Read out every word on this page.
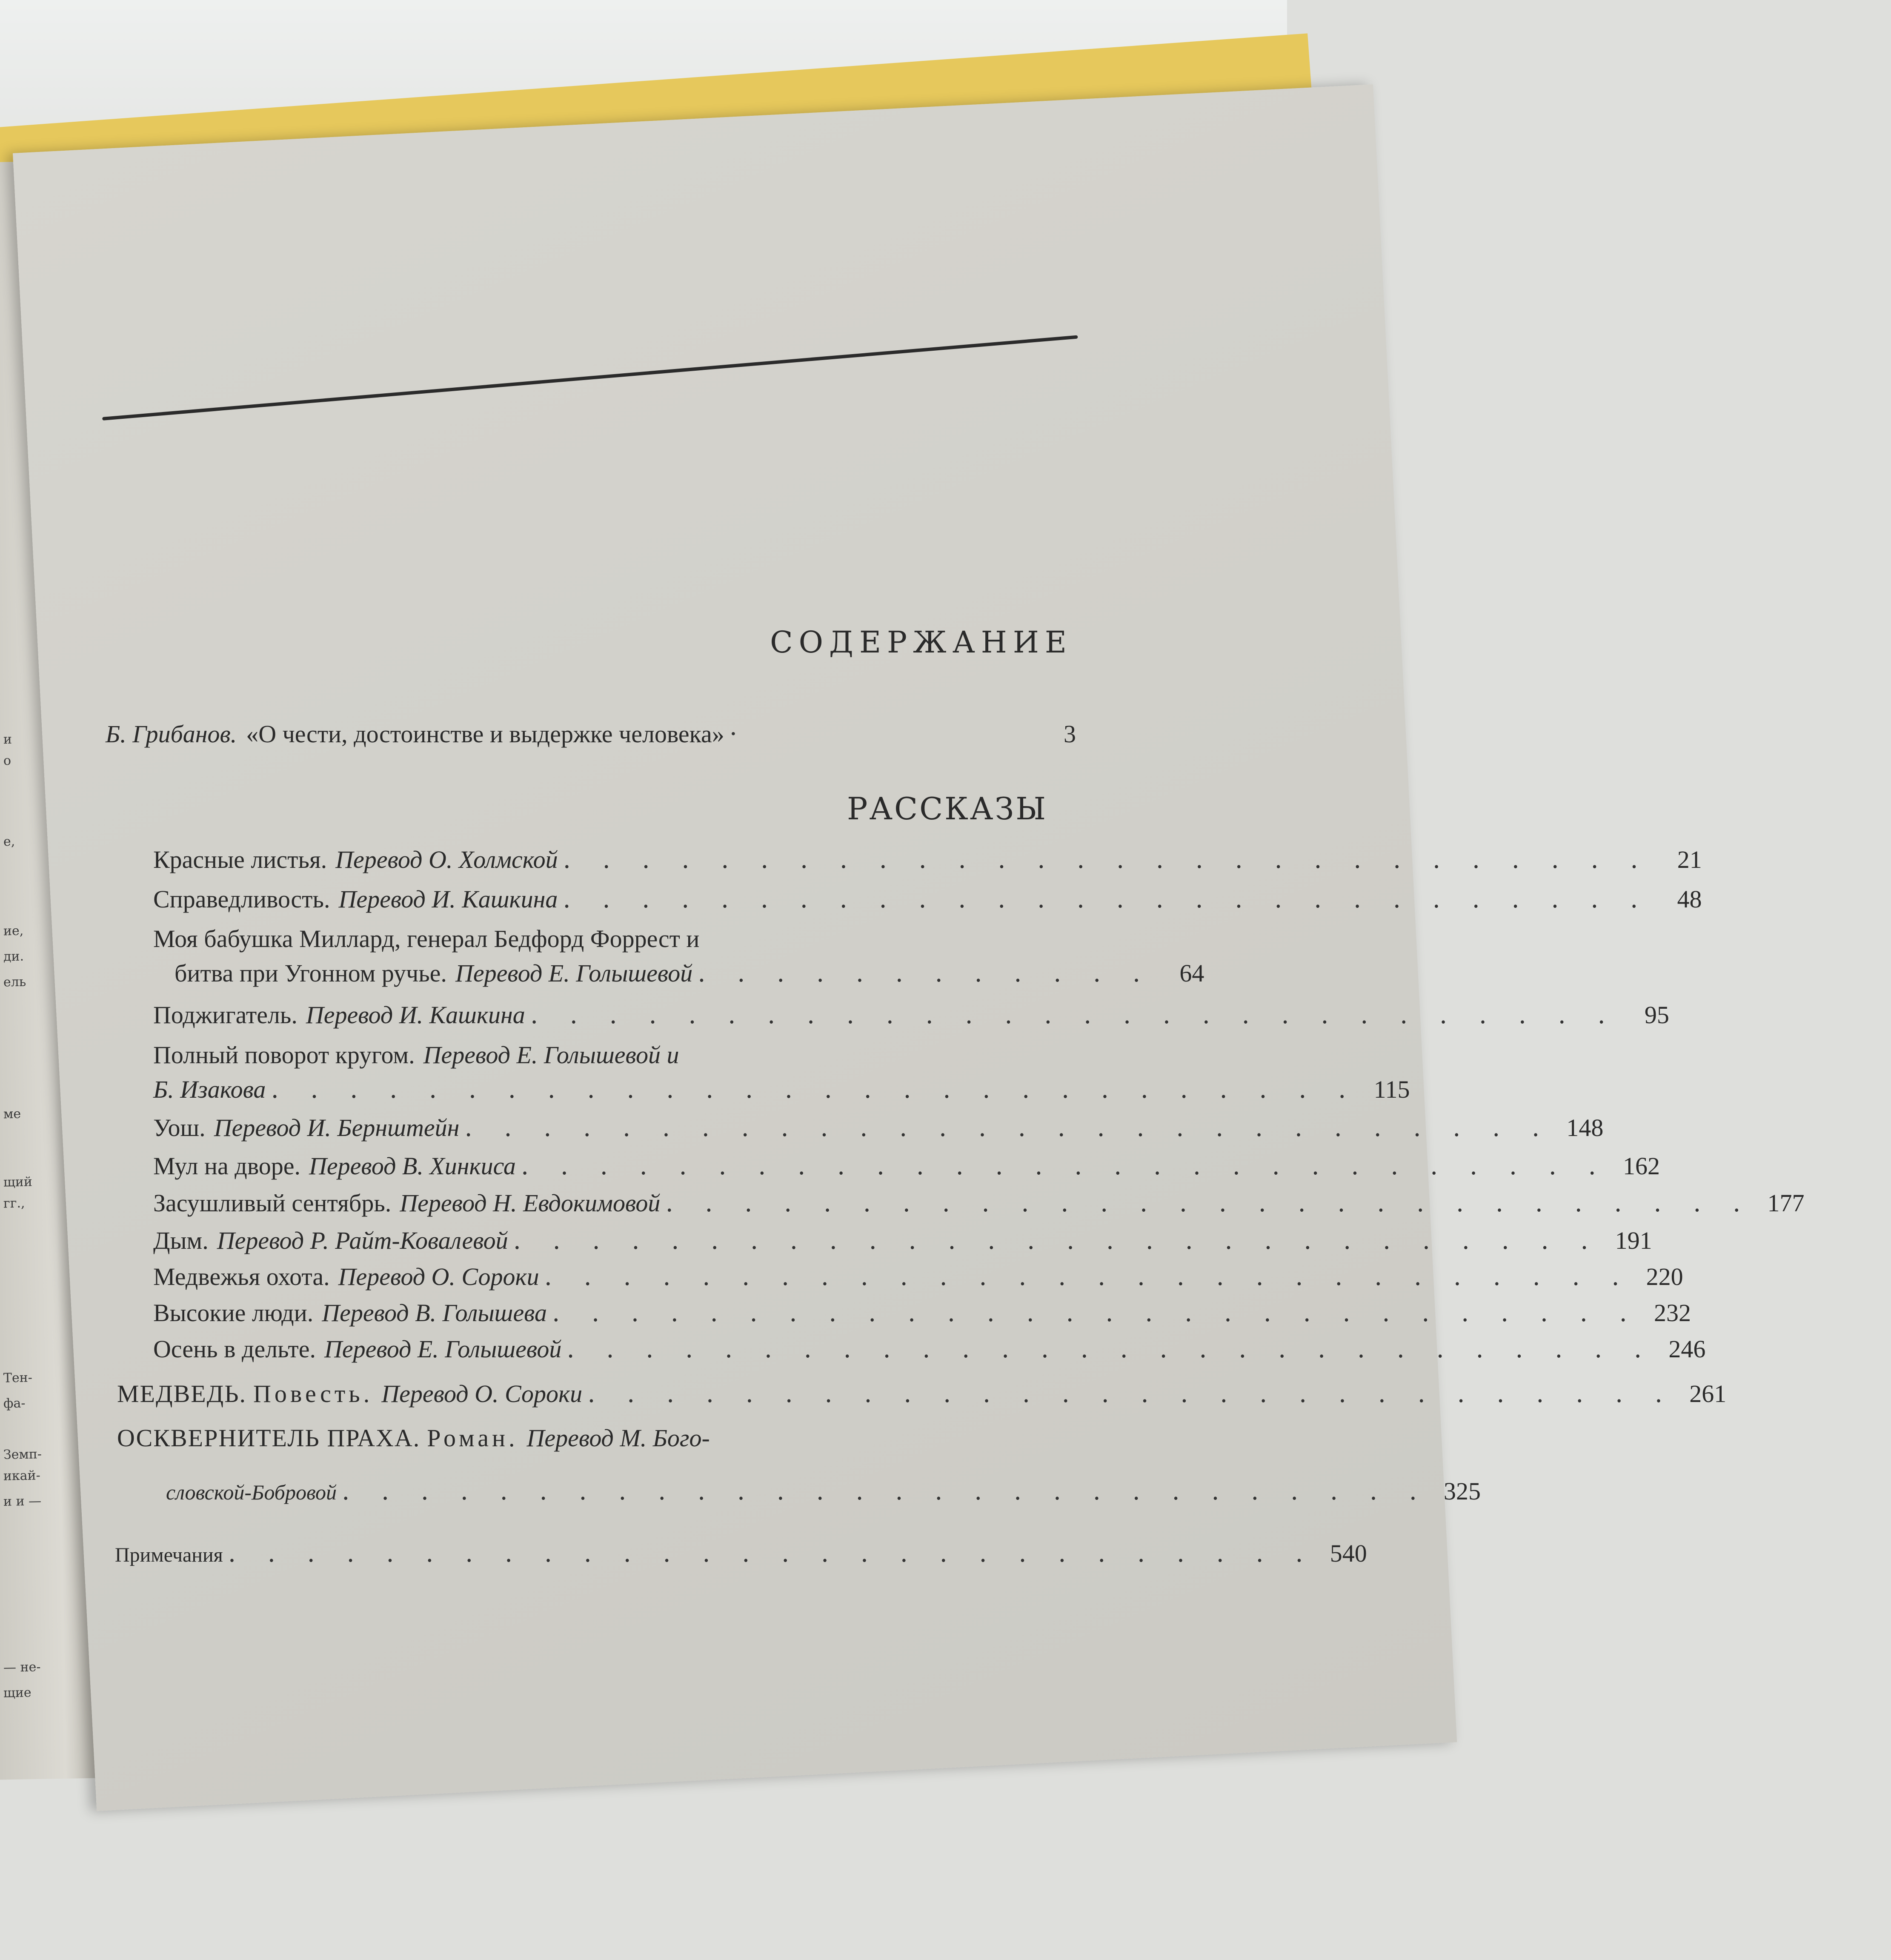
и
о
е,
ие,
ди.
ель
ме
щий
гг.,
Тен-
фа-
Земп-
икай-
и и —
— не-
щие
СОДЕРЖАНИЕ
Б. Грибанов. «О чести, достоинстве и выдержке человека» ·	3
РАССКАЗЫ
Красные листья. Перевод О. Холмской . . . . . . . . . . . . . . . . . . . . . . . . . . . .	21
Справедливость. Перевод И. Кашкина . . . . . . . . . . . . . . . . . . . . . . . . . . . .	48
Моя бабушка Миллард, генерал Бедфорд Форрест и
битва при Угонном ручье. Перевод Е. Голышевой . . . . . . . . . . . .	64
Поджигатель. Перевод И. Кашкина . . . . . . . . . . . . . . . . . . . . . . . . . . . .	95
Полный поворот кругом. Перевод Е. Голышевой и
Б. Изакова . . . . . . . . . . . . . . . . . . . . . . . . . . . . 115
Уош. Перевод И. Бернштейн . . . . . . . . . . . . . . . . . . . . . . . . . . . . 148
Мул на дворе. Перевод В. Хинкиса . . . . . . . . . . . . . . . . . . . . . . . . . . . . 162
Засушливый сентябрь. Перевод Н. Евдокимовой . . . . . . . . . . . . . . . . . . . . . . . . . . . . 177
Дым. Перевод Р. Райт-Ковалевой . . . . . . . . . . . . . . . . . . . . . . . . . . . . 191
Медвежья охота. Перевод О. Сороки . . . . . . . . . . . . . . . . . . . . . . . . . . . . 220
Высокие люди. Перевод В. Голышева . . . . . . . . . . . . . . . . . . . . . . . . . . . . 232
Осень в дельте. Перевод Е. Голышевой . . . . . . . . . . . . . . . . . . . . . . . . . . . . 246
МЕДВЕДЬ. Повесть. Перевод О. Сороки . . . . . . . . . . . . . . . . . . . . . . . . . . . . 261
ОСКВЕРНИТЕЛЬ ПРАХА. Роман. Перевод М. Бого-
словской-Бобровой . . . . . . . . . . . . . . . . . . . . . . . . . . . . 325
Примечания . . . . . . . . . . . . . . . . . . . . . . . . . . . . 540
